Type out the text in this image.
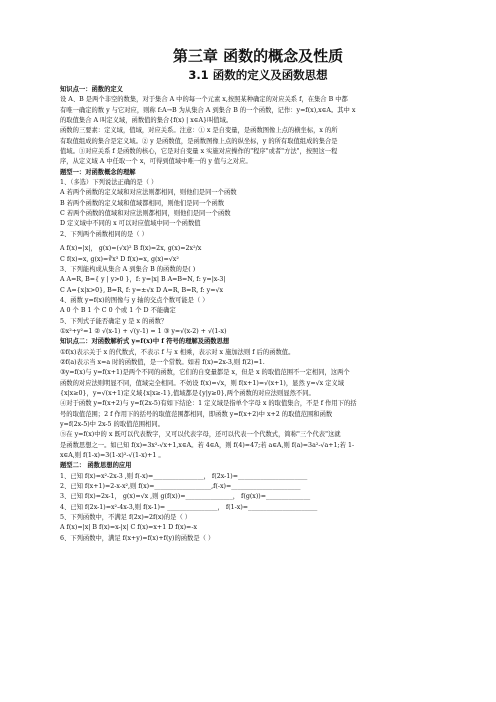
第三章 函数的概念及性质
3.1 函数的定义及函数思想

知识点一：函数的定义

设 A、B 是两个非空的数集，对于集合 A 中的每一个元素 x,按照某种确定的对应关系 f，在集合 B 中都

有唯一确定的数 y 与它对应，则称 f:A→B 为从集合 A 到集合 B 的一个函数，记作：y=f(x),x∈A。其中 x

的取值集合 A 叫定义域，函数值的集合{f(x) | x∈A}叫值域。

函数的三要素：定义域，值域，对应关系。注意：① x 是自变量，是函数图像上点的横坐标，x 的所

有取值组成的集合是定义域。② y 是函数值，是函数图像上点的纵坐标，y 的所有取值组成的集合是

值域。③对应关系 f 是函数的核心，它是对自变量 x 实施对应操作的"程序"或者"方法"，按照这一程

序，从定义域 A 中任取一个 x，可得到值域中唯一的 y 值与之对应。

题型一：对函数概念的理解

1、（多选）下列说法正确的是（ ）

A 若两个函数的定义域和对应法则都相同，则他们是同一个函数

B 若两个函数的定义域和值域都相同，则他们是同一个函数

C 若两个函数的值域和对应法则都相同，则他们是同一个函数

D 定义域中不同的 x 可以对应值域中同一个函数值

2、下列两个函数相同的是（ ）

A f(x)=|x|， g(x)=(√x)² B f(x)=2x, g(x)=2x²/x

C f(x)=x, g(x)=∛x³ D f(x)=x, g(x)=√x²

3、下列能构成从集合 A 到集合 B 的函数的是( )

A A=R, B={ y | y>0 }，f: y=|x| B A=B=N, f: y=|x-3|

C A={x|x>0}, B=R, f: y=±√x D A=R, B=R, f: y=√x

4、函数 y=f(x)的图像与 y 轴的交点个数可能是（ ）

A 0 个 B 1 个 C 0 个或 1 个 D 不能确定

5、下列式子能否确定 y 是 x 的函数？

①x²+y²=1 ② √(x-1) + √(y-1) = 1 ③ y=√(x-2) + √(1-x)

知识点二：对函数解析式 y=f(x)中 f 符号的理解及函数思想

①f(x)表示关于 x 的代数式，不表示 f 与 x 相乘，表示对 x 施加法则 f 后的函数值。

②f(a)表示当 x=a 时的函数值，是一个常数。如若 f(x)=2x-3,则 f(2)=1.

③y=f(x)与 y=f(x+1)是两个不同的函数，它们的自变量都是 x，但是 x 的取值范围不一定相同，这两个

函数的对应法则明显不同，值域完全相同。不妨设 f(x)=√x，则 f(x+1)=√(x+1)，显然 y=√x 定义域

{x|x≥0}，y=√(x+1)定义域{x|x≥-1},值域都是{y|y≥0},两个函数的对应法则显然不同。

④对于函数 y=f(x+2)与 y=f(2x-5)有如下结论：1 定义域是指单个字母 x 的取值集合，不是 f 作用下的括

号的取值范围；2 f 作用下的括号的取值范围都相同，即函数 y=f(x+2)中 x+2 的取值范围和函数

y=f(2x-5)中 2x-5 的取值范围相同。

⑤在 y=f(x)中的 x 既可以代表数字，又可以代表字母，还可以代表一个代数式，简称"三个代表"这就

是函数思想之一。如已知 f(x)=3x²-√x+1,x∈A。若 4∈A，则 f(4)=47;若 a∈A,则 f(a)=3a²-√a+1;若 1-

x∈A,则 f(1-x)=3(1-x)²-√(1-x)+1 。

题型二： 函数思想的应用

1、已知 f(x)=x²-2x-3 ,则 f(-x)=________________， f(2x-1)=______________________

2、已知 f(x+1)=2-x-x²,则 f(x)=__________________,f(-x)=______________________

3、已知 f(x)=2x-1， g(x)=√x ,则 g(f(x))=_______________， f(g(x))=______________

4、已知 f(2x-1)=x²-4x-3,则 f(x-1)= ________________， f(1-x)=______________________

5、下列函数中，不满足 f(2x)=2f(x)的是（ ）

A f(x)=|x| B f(x)=x-|x| C f(x)=x+1 D f(x)=-x

6、下列函数中，满足 f(x+y)=f(x)+f(y)的函数是（ ）
